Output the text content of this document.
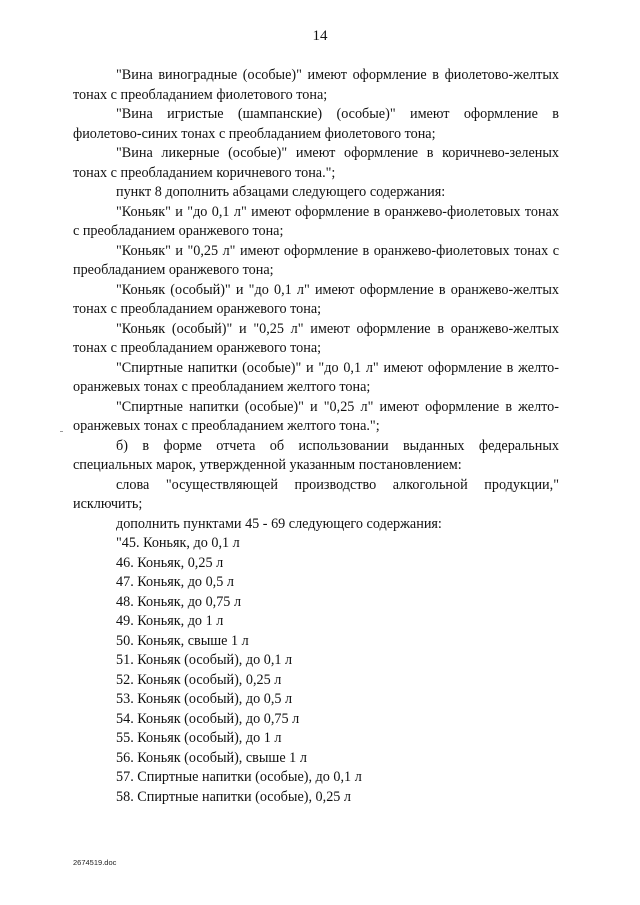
14

"Вина виноградные (особые)" имеют оформление в фиолетово-желтых тонах с преобладанием фиолетового тона;

"Вина игристые (шампанские) (особые)" имеют оформление в фиолетово-синих тонах с преобладанием фиолетового тона;

"Вина ликерные (особые)" имеют оформление в коричнево-зеленых тонах с преобладанием коричневого тона.";

пункт 8 дополнить абзацами следующего содержания:

"Коньяк" и "до 0,1 л" имеют оформление в оранжево-фиолетовых тонах с преобладанием оранжевого тона;

"Коньяк" и "0,25 л" имеют оформление в оранжево-фиолетовых тонах с преобладанием оранжевого тона;

"Коньяк (особый)" и "до 0,1 л" имеют оформление в оранжево-желтых тонах с преобладанием оранжевого тона;

"Коньяк (особый)" и "0,25 л" имеют оформление в оранжево-желтых тонах с преобладанием оранжевого тона;

"Спиртные напитки (особые)" и "до 0,1 л" имеют оформление в желто-оранжевых тонах с преобладанием желтого тона;

"Спиртные напитки (особые)" и "0,25 л" имеют оформление в желто-оранжевых тонах с преобладанием желтого тона.";

б) в форме отчета об использовании выданных федеральных специальных марок, утвержденной указанным постановлением:

слова "осуществляющей производство алкогольной продукции," исключить;

дополнить пунктами 45 - 69 следующего содержания:

"45. Коньяк, до 0,1 л

46. Коньяк, 0,25 л

47. Коньяк, до 0,5 л

48. Коньяк, до 0,75 л

49. Коньяк, до 1 л

50. Коньяк, свыше 1 л

51. Коньяк (особый), до 0,1 л

52. Коньяк (особый), 0,25 л

53. Коньяк (особый), до 0,5 л

54. Коньяк (особый), до 0,75 л

55. Коньяк (особый), до 1 л

56. Коньяк (особый), свыше 1 л

57. Спиртные напитки (особые), до 0,1 л

58. Спиртные напитки (особые), 0,25 л

2674519.doc
